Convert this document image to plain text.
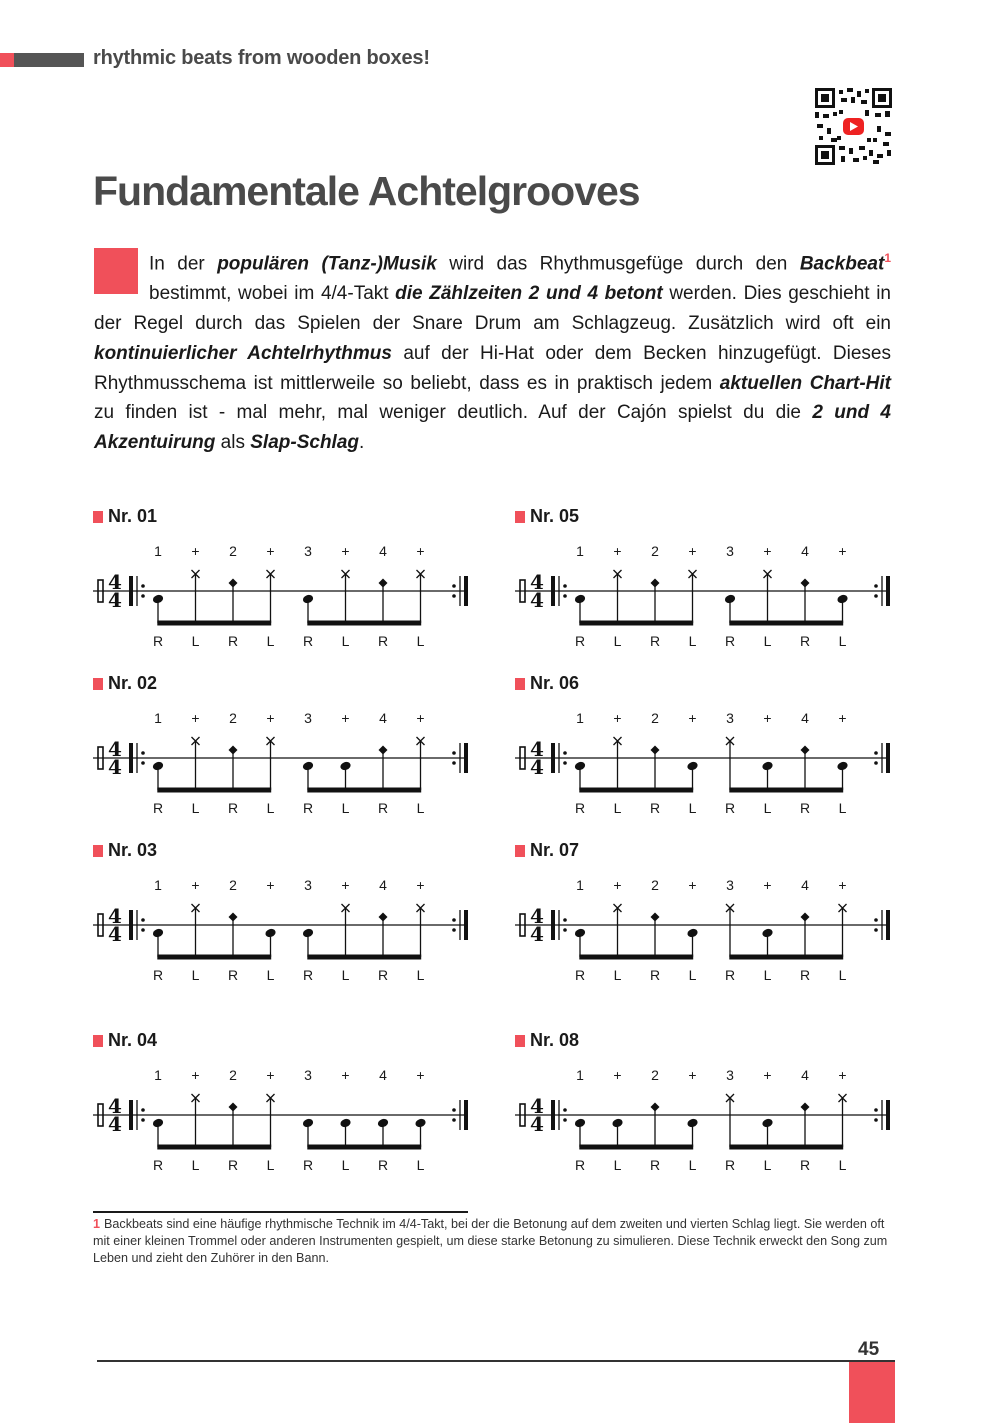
rhythmic beats from wooden boxes!
Fundamentale Achtelgrooves

In der populären (Tanz-)Musik wird das Rhythmusgefüge durch den Backbeat$^1$ bestimmt, wobei im 4/4-Takt die Zählzeiten 2 und 4 betont werden. Dies geschieht in der Regel durch das Spielen der Snare Drum am Schlagzeug. Zusätzlich wird oft ein kontinuierlicher Achtelrhythmus auf der Hi-Hat oder dem Becken hinzugefügt. Dieses Rhythmusschema ist mittlerweile so beliebt, dass es in praktisch jedem aktuellen Chart-Hit zu finden ist - mal mehr, mal weniger deutlich. Auf der Cajón spielst du die 2 und 4 Akzentuirung als Slap-Schlag.

Nr. 01
4
4
1
R
+
L
2
R
+
L
3
R
+
L
4
R
+
L
Nr. 02
4
4
1
R
+
L
2
R
+
L
3
R
+
L
4
R
+
L
Nr. 03
4
4
1
R
+
L
2
R
+
L
3
R
+
L
4
R
+
L
Nr. 04
4
4
1
R
+
L
2
R
+
L
3
R
+
L
4
R
+
L
Nr. 05
4
4
1
R
+
L
2
R
+
L
3
R
+
L
4
R
+
L
Nr. 06
4
4
1
R
+
L
2
R
+
L
3
R
+
L
4
R
+
L
Nr. 07
4
4
1
R
+
L
2
R
+
L
3
R
+
L
4
R
+
L
Nr. 08
4
4
1
R
+
L
2
R
+
L
3
R
+
L
4
R
+
L

1 Backbeats sind eine häufige rhythmische Technik im 4/4-Takt, bei der die Betonung auf dem zweiten und vierten Schlag liegt. Sie werden oft mit einer kleinen Trommel oder anderen Instrumenten gespielt, um diese starke Betonung zu simulieren. Diese Technik erweckt den Song zum Leben und zieht den Zuhörer in den Bann.

45
